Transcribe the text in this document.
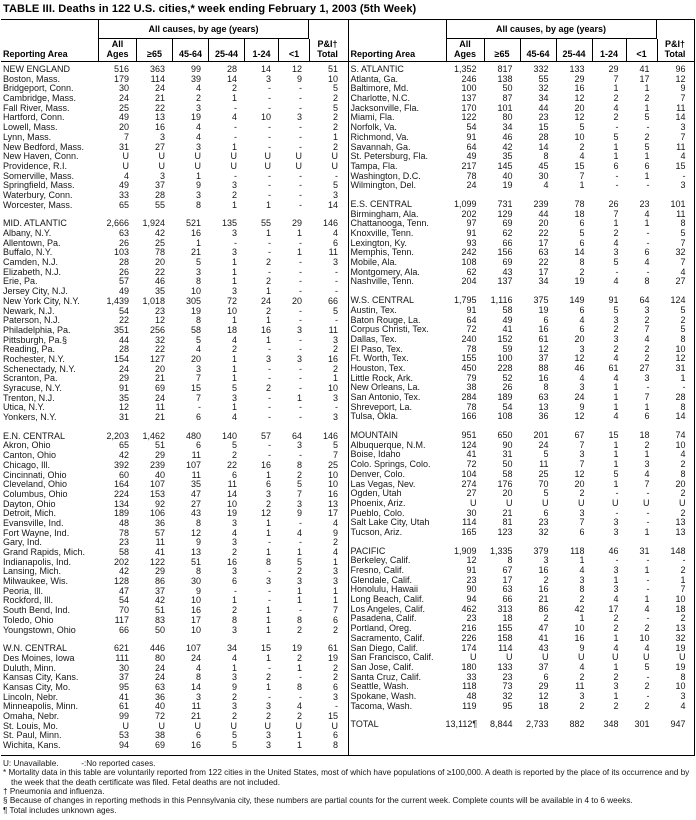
TABLE III. Deaths in 122 U.S. cities,* week ending February 1, 2003 (5th Week)
All causes, by age (years)
Reporting Area
All Ages	≥65	45-64	25-44	1-24	<1
P&I† Total
NEW ENGLAND	516	363	99	28	14	12	51
Boston, Mass.	179	114	39	14	3	9	10
Bridgeport, Conn.	30	24	4	2	-	-	5
Cambridge, Mass.	24	21	2	1	-	-	2
Fall River, Mass.	25	22	3	-	-	-	5
Hartford, Conn.	49	13	19	4	10	3	2
Lowell, Mass.	20	16	4	-	-	-	2
Lynn, Mass.	7	3	4	-	-	-	1
New Bedford, Mass.	31	27	3	1	-	-	2
New Haven, Conn.	U	U	U	U	U	U	U
Providence, R.I.	U	U	U	U	U	U	U
Somerville, Mass.	4	3	1	-	-	-	-
Springfield, Mass.	49	37	9	3	-	-	5
Waterbury, Conn.	33	28	3	2	-	-	3
Worcester, Mass.	65	55	8	1	1	-	14
MID. ATLANTIC	2,666	1,924	521	135	55	29	146
Albany, N.Y.	63	42	16	3	1	1	4
Allentown, Pa.	26	25	1	-	-	-	6
Buffalo, N.Y.	103	78	21	3	-	1	11
Camden, N.J.	28	20	5	1	2	-	3
Elizabeth, N.J.	26	22	3	1	-	-	-
Erie, Pa.	57	46	8	1	2	-	-
Jersey City, N.J.	49	35	10	3	1	-	-
New York City, N.Y.	1,439	1,018	305	72	24	20	66
Newark, N.J.	54	23	19	10	2	-	5
Paterson, N.J.	22	12	8	1	1	-	-
Philadelphia, Pa.	351	256	58	18	16	3	11
Pittsburgh, Pa.§	44	32	5	4	1	-	3
Reading, Pa.	28	22	4	2	-	-	2
Rochester, N.Y.	154	127	20	1	3	3	16
Schenectady, N.Y.	24	20	3	1	-	-	2
Scranton, Pa.	29	21	7	1	-	-	1
Syracuse, N.Y.	91	69	15	5	2	-	10
Trenton, N.J.	35	24	7	3	-	1	3
Utica, N.Y.	12	11	-	1	-	-	-
Yonkers, N.Y.	31	21	6	4	-	-	3
E.N. CENTRAL	2,203	1,462	480	140	57	64	146
Akron, Ohio	65	51	6	5	-	3	5
Canton, Ohio	42	29	11	2	-	-	7
Chicago, Ill.	392	239	107	22	16	8	25
Cincinnati, Ohio	60	40	11	6	1	2	10
Cleveland, Ohio	164	107	35	11	6	5	10
Columbus, Ohio	224	153	47	14	3	7	16
Dayton, Ohio	134	92	27	10	2	3	13
Detroit, Mich.	189	106	43	19	12	9	17
Evansville, Ind.	48	36	8	3	1	-	4
Fort Wayne, Ind.	78	57	12	4	1	4	9
Gary, Ind.	23	11	9	3	-	-	2
Grand Rapids, Mich.	58	41	13	2	1	1	4
Indianapolis, Ind.	202	122	51	16	8	5	1
Lansing, Mich.	42	29	8	3	-	2	3
Milwaukee, Wis.	128	86	30	6	3	3	3
Peoria, Ill.	47	37	9	-	-	1	1
Rockford, Ill.	54	42	10	1	-	1	1
South Bend, Ind.	70	51	16	2	1	-	7
Toledo, Ohio	117	83	17	8	1	8	6
Youngstown, Ohio	66	50	10	3	1	2	2
W.N. CENTRAL	621	446	107	34	15	19	61
Des Moines, Iowa	111	80	24	4	1	2	19
Duluth, Minn.	30	24	4	1	-	1	2
Kansas City, Kans.	37	24	8	3	2	-	2
Kansas City, Mo.	95	63	14	9	1	8	6
Lincoln, Nebr.	41	36	3	2	-	-	3
Minneapolis, Minn.	61	40	11	3	3	4	-
Omaha, Nebr.	99	72	21	2	2	2	15
St. Louis, Mo.	U	U	U	U	U	U	U
St. Paul, Minn.	53	38	6	5	3	1	6
Wichita, Kans.	94	69	16	5	3	1	8
All causes, by age (years)
Reporting Area
All Ages	≥65	45-64	25-44	1-24	<1
P&I† Total
S. ATLANTIC	1,352	817	332	133	29	41	96
Atlanta, Ga.	246	138	55	29	7	17	12
Baltimore, Md.	100	50	32	16	1	1	9
Charlotte, N.C.	137	87	34	12	2	2	7
Jacksonville, Fla.	170	101	44	20	4	1	11
Miami, Fla.	122	80	23	12	2	5	14
Norfolk, Va.	54	34	15	5	-	-	3
Richmond, Va.	91	46	28	10	5	2	7
Savannah, Ga.	64	42	14	2	1	5	11
St. Petersburg, Fla.	49	35	8	4	1	1	4
Tampa, Fla.	217	145	45	15	6	6	15
Washington, D.C.	78	40	30	7	-	1	-
Wilmington, Del.	24	19	4	1	-	-	3
E.S. CENTRAL	1,099	731	239	78	26	23	101
Birmingham, Ala.	202	129	44	18	7	4	11
Chattanooga, Tenn.	97	69	20	6	1	1	8
Knoxville, Tenn.	91	62	22	5	2	-	5
Lexington, Ky.	93	66	17	6	4	-	7
Memphis, Tenn.	242	156	63	14	3	6	32
Mobile, Ala.	108	69	22	8	5	4	7
Montgomery, Ala.	62	43	17	2	-	-	4
Nashville, Tenn.	204	137	34	19	4	8	27
W.S. CENTRAL	1,795	1,116	375	149	91	64	124
Austin, Tex.	91	58	19	6	5	3	5
Baton Rouge, La.	64	49	6	4	3	2	2
Corpus Christi, Tex.	72	41	16	6	2	7	5
Dallas, Tex.	240	152	61	20	3	4	8
El Paso, Tex.	78	59	12	3	2	2	10
Ft. Worth, Tex.	155	100	37	12	4	2	12
Houston, Tex.	450	228	88	46	61	27	31
Little Rock, Ark.	79	52	16	4	4	3	1
New Orleans, La.	38	26	8	3	1	-	-
San Antonio, Tex.	284	189	63	24	1	7	28
Shreveport, La.	78	54	13	9	1	1	8
Tulsa, Okla.	166	108	36	12	4	6	14
MOUNTAIN	951	650	201	67	15	18	74
Albuquerque, N.M.	124	90	24	7	1	2	10
Boise, Idaho	41	31	5	3	1	1	4
Colo. Springs, Colo.	72	50	11	7	1	3	2
Denver, Colo.	104	58	25	12	5	4	8
Las Vegas, Nev.	274	176	70	20	1	7	20
Ogden, Utah	27	20	5	2	-	-	2
Phoenix, Ariz.	U	U	U	U	U	U	U
Pueblo, Colo.	30	21	6	3	-	-	2
Salt Lake City, Utah	114	81	23	7	3	-	13
Tucson, Ariz.	165	123	32	6	3	1	13
PACIFIC	1,909	1,335	379	118	46	31	148
Berkeley, Calif.	12	8	3	1	-	-	-
Fresno, Calif.	91	67	16	4	3	1	2
Glendale, Calif.	23	17	2	3	1	-	1
Honolulu, Hawaii	90	63	16	8	3	-	7
Long Beach, Calif.	94	66	21	2	4	1	10
Los Angeles, Calif.	462	313	86	42	17	4	18
Pasadena, Calif.	23	18	2	1	2	-	2
Portland, Oreg.	216	155	47	10	2	2	13
Sacramento, Calif.	226	158	41	16	1	10	32
San Diego, Calif.	174	114	43	9	4	4	19
San Francisco, Calif.	U	U	U	U	U	U	U
San Jose, Calif.	180	133	37	4	1	5	19
Santa Cruz, Calif.	33	23	6	2	2	-	8
Seattle, Wash.	118	73	29	11	3	2	10
Spokane, Wash.	48	32	12	3	1	-	3
Tacoma, Wash.	119	95	18	2	2	2	4
TOTAL	13,112¶	8,844	2,733	882	348	301	947
U: Unavailable.          -:No reported cases.
* Mortality data in this table are voluntarily reported from 122 cities in the United States, most of which have populations of ≥100,000. A death is reported by the place of its occurrence and by the week that the death certificate was filed. Fetal deaths are not included.
† Pneumonia and influenza.
§ Because of changes in reporting methods in this Pennsylvania city, these numbers are partial counts for the current week. Complete counts will be available in 4 to 6 weeks.
¶ Total includes unknown ages.
